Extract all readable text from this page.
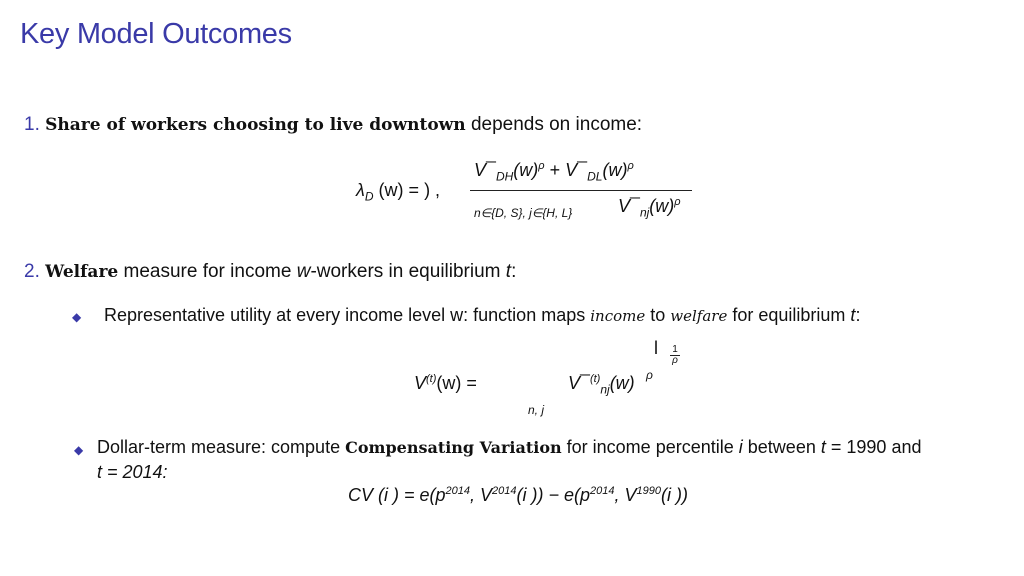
Key Model Outcomes
1. Share of workers choosing to live downtown depends on income:
$\lambda_D$ (w) = ) ,
$V¯_{DH}(w)^\rho$ + $V¯_{DL}(w)^\rho$
n∈{D, S}, j∈{H, L}	$V¯_{nj}(w)^\rho$
2. Welfare measure for income w-workers in equilibrium t:
◆ Representative utility at every income level w: function maps income to welfare for equilibrium t:
$V^{(t)}(w)$ =	V¯$^{(t)}_{nj}$(w) ρ
l 1
ρ
n, j
◆ Dollar-term measure: compute Compensating Variation for income percentile i between t = 1990 and
t = 2014:
CV (i ) = $e(p^{2014}$, $V^{2014}(i$ )) − $e(p^{2014}$, $V^{1990}(i$ ))
